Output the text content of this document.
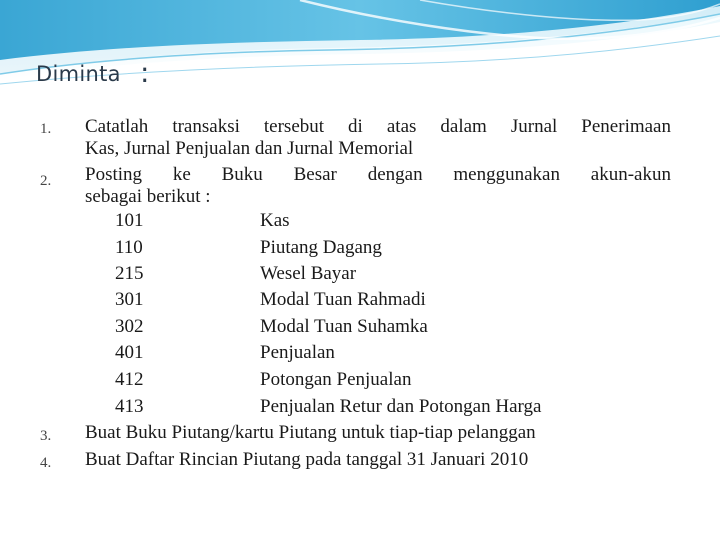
Diminta :
1.	Catatlah transaksi tersebut di atas dalam Jurnal Penerimaan
Kas, Jurnal Penjualan dan Jurnal Memorial
2.	Posting ke Buku Besar dengan menggunakan akun-akun
sebagai berikut :
101	Kas
110	Piutang Dagang
215	Wesel Bayar
301	Modal Tuan Rahmadi
302	Modal Tuan Suhamka
401	Penjualan
412	Potongan Penjualan
413	Penjualan Retur dan Potongan Harga
3.	Buat Buku Piutang/kartu Piutang untuk tiap-tiap pelanggan
4.	Buat Daftar Rincian Piutang pada tanggal 31 Januari 2010
